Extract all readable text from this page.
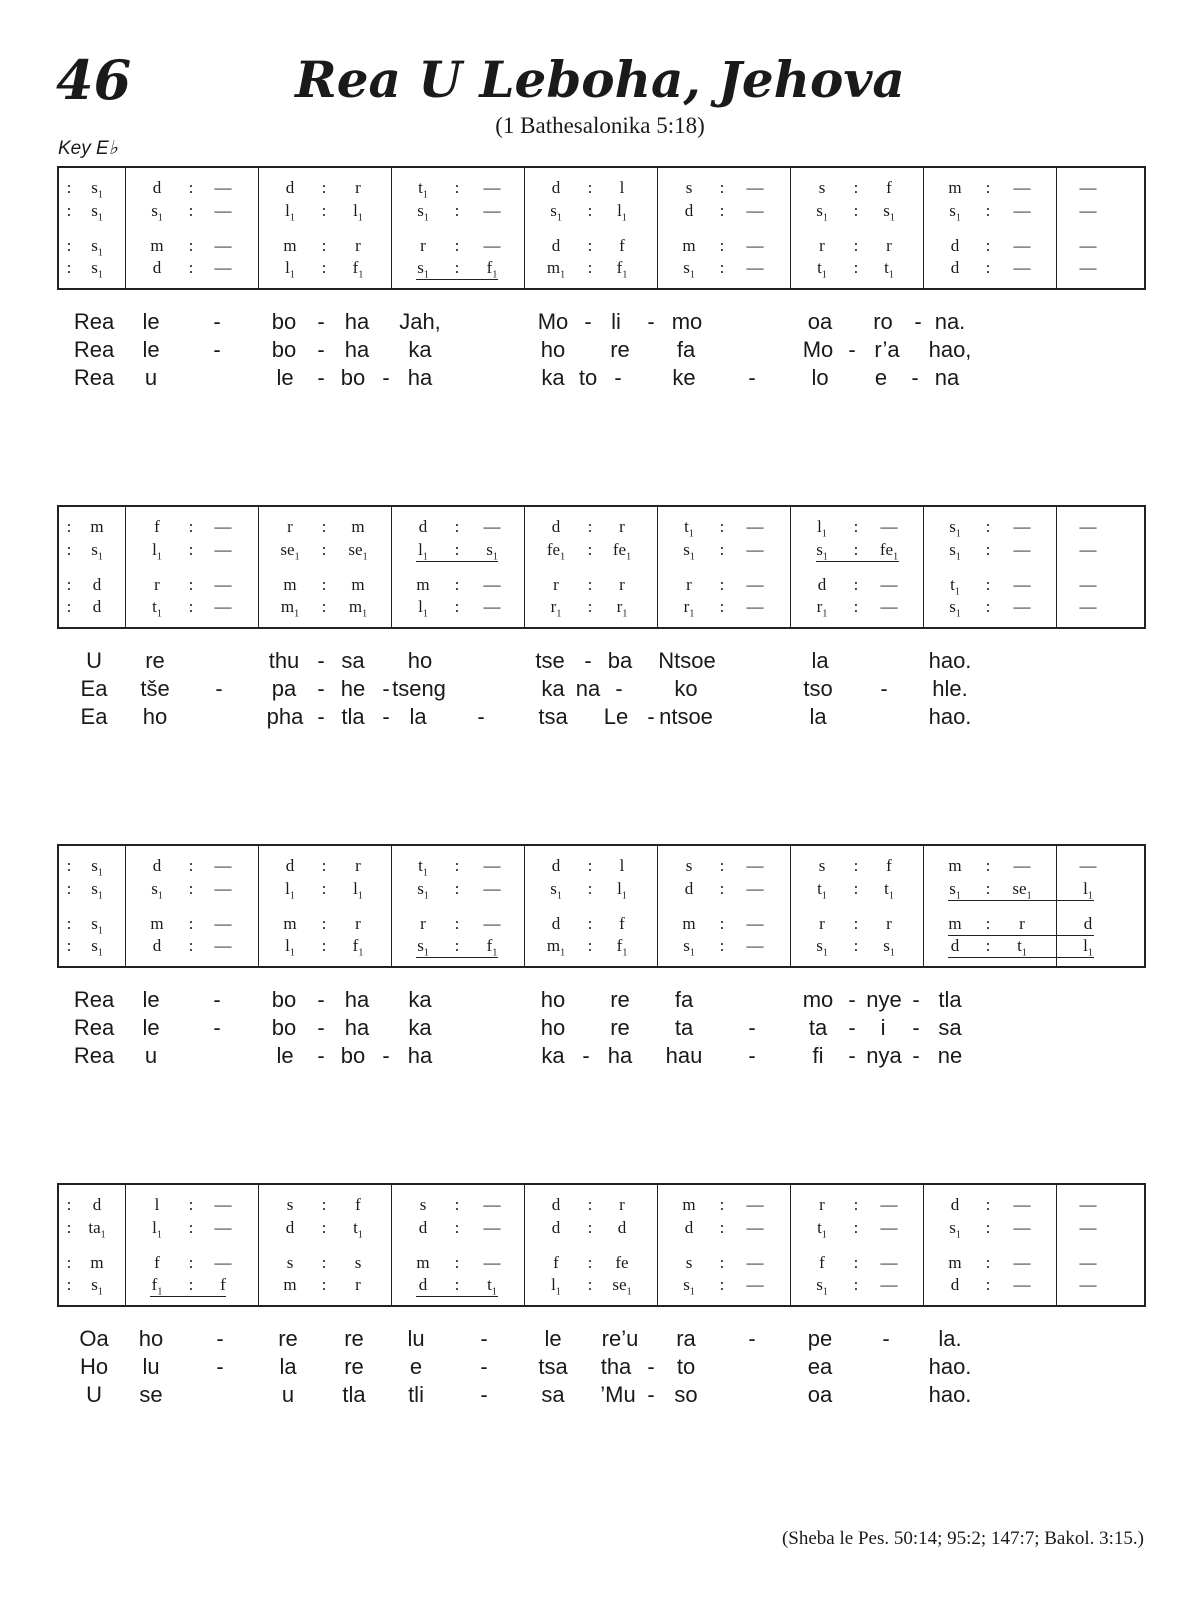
46	Rea U Leboha, Jehova
(1 Bathesalonika 5:18)
Key E♭
: $s_1$	d : —	d : r	$t_1$ : —	d : l	s : —	s : f	m : —	—
: $s_1$	$s_1$ : —	$l_1$ : $l_1$	$s_1$ : —	$s_1$ : $l_1$	d : —	$s_1$ : $s_1$	$s_1$ : —	—
: $s_1$	m : —	m : r	r : —	d : f	m : —	r : r	d : —	—
: $s_1$	d : —	$l_1$ : $f_1$	$s_1$ : $f_1$	$m_1$ : $f_1$	$s_1$ : —	$t_1$ : $t_1$	d : —	—
Rea le - bo - ha Jah,	Mo - li - mo	oa ro - na.
Rea le - bo - ha ka	ho re fa	Mo - r’a hao,
Rea u	le - bo - ha	ka to - ke -	lo e - na
: m	f : —	r : m	d : —	d : r	$t_1$ : —	$l_1$ : —	$s_1$ : —	—
: $s_1$	$l_1$ : —	$se_1$ : $se_1$	$l_1$ : $s_1$	$fe_1$ : $fe_1$	$s_1$ : —	$s_1$ : $fe_1$	$s_1$ : —	—
: d	r : —	m : m	m : —	r : r	r : —	d : —	$t_1$ : —	—
: d	$t_1$ : —	$m_1$ : $m_1$	$l_1$ : —	$r_1$ : $r_1$	$r_1$ : —	$r_1$ : —	$s_1$ : —	—
U re	thu - sa ho	tse - ba Ntsoe	la	hao.
Ea tše - pa - he - tseng	ka na - ko	tso - hle.
Ea ho	pha - tla - la - tsa Le - ntsoe	la	hao.
: $s_1$	d : —	d : r	$t_1$ : —	d : l	s : —	s : f	m : —	—
: $s_1$	$s_1$ : —	$l_1$ : $l_1$	$s_1$ : —	$s_1$ : $l_1$	d : —	$t_1$ : $t_1$	$s_1$ : $se_1$	$l_1$
: $s_1$	m : —	m : r	r : —	d : f	m : —	r : r	m : r	d
: $s_1$	d : —	$l_1$ : $f_1$	$s_1$ : $f_1$	$m_1$ : $f_1$	$s_1$ : —	$s_1$ : $s_1$	d : $t_1$	$l_1$
Rea le - bo - ha ka	ho re fa	mo - nye - tla
Rea le - bo - ha ka	ho re ta	- ta - i - sa
Rea u	le - bo - ha	ka - ha hau -	fi - nya - ne
: d	l : —	s : f	s : —	d : r	m : —	r : —	d : —	—
: $ta_1$	$l_1$ : —	d : $t_1$	d : —	d : d	d : —	$t_1$ : —	$s_1$ : —	—
: m	f : —	s : s	m : —	f : fe	s : —	f : —	m : —	—
: $s_1$	$f_1$ : f	m : r	d : $t_1$	$l_1$ : $se_1$	$s_1$ : —	$s_1$ : —	d : —	—
Oa ho - re re lu	-	le re’u ra - pe - la.
Ho lu	-	la re e	- tsa tha - to	ea	hao.
U se	u tla tli	- sa ’Mu - so	oa	hao.
(Sheba le Pes. 50:14; 95:2; 147:7; Bakol. 3:15.)
